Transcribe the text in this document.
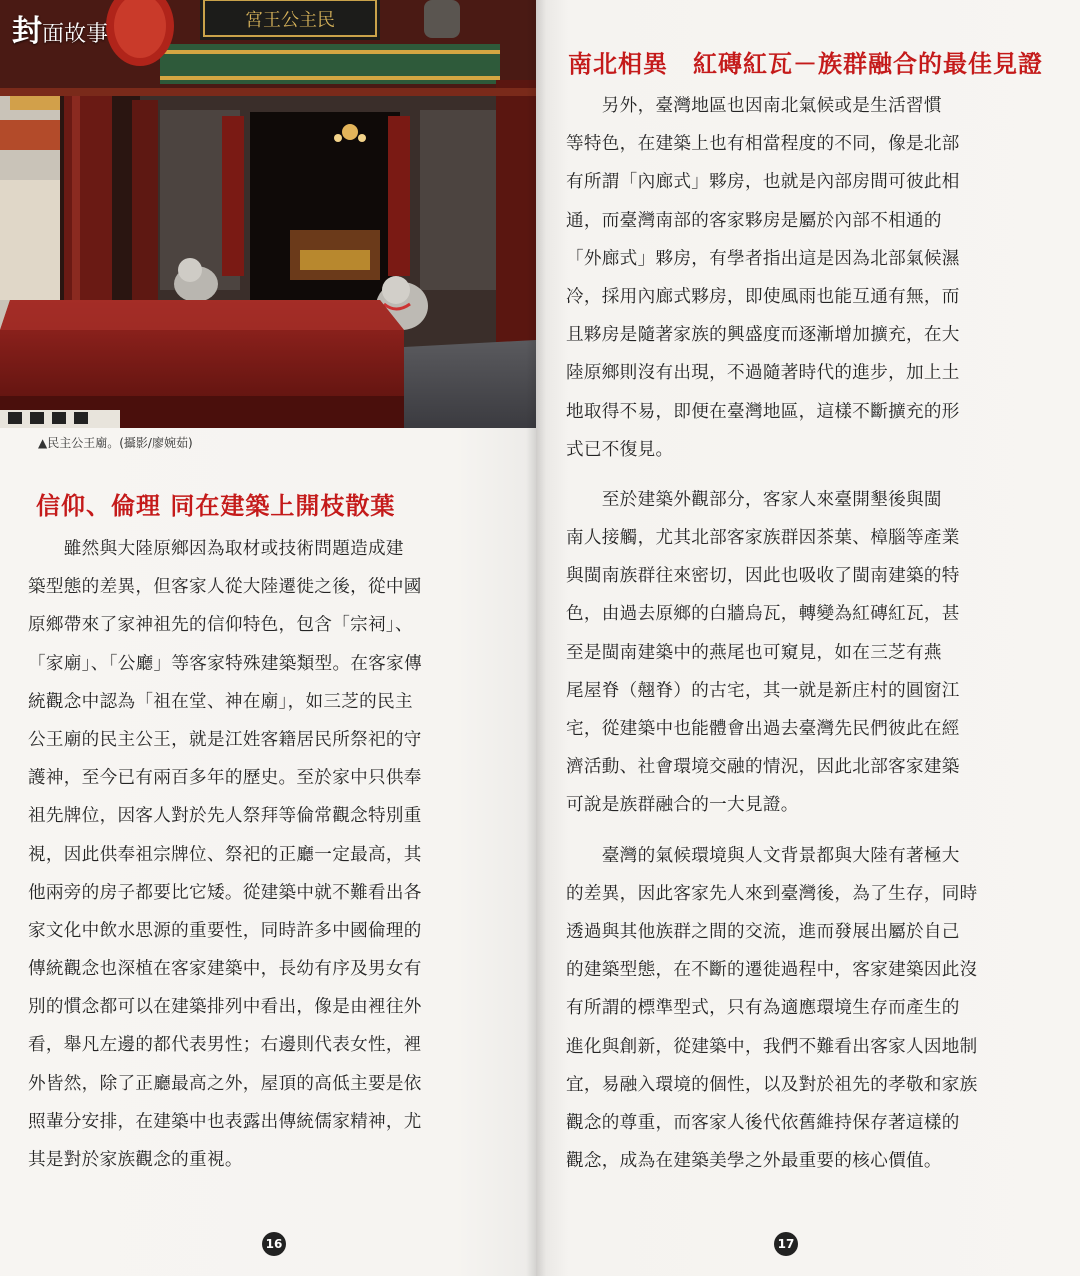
宮王公主民
封面故事
▲民主公王廟。(攝影/廖婉茹)
信仰、倫理 同在建築上開枝散葉

　　雖然與大陸原鄉因為取材或技術問題造成建
築型態的差異，但客家人從大陸遷徙之後，從中國
原鄉帶來了家神祖先的信仰特色，包含「宗祠」、
「家廟」、「公廳」等客家特殊建築類型。在客家傳
統觀念中認為「祖在堂、神在廟」，如三芝的民主
公王廟的民主公王，就是江姓客籍居民所祭祀的守
護神，至今已有兩百多年的歷史。至於家中只供奉
祖先牌位，因客人對於先人祭拜等倫常觀念特別重
視，因此供奉祖宗牌位、祭祀的正廳一定最高，其
他兩旁的房子都要比它矮。從建築中就不難看出各
家文化中飲水思源的重要性，同時許多中國倫理的
傳統觀念也深植在客家建築中，長幼有序及男女有
別的慣念都可以在建築排列中看出，像是由裡往外
看，舉凡左邊的都代表男性；右邊則代表女性，裡
外皆然，除了正廳最高之外，屋頂的高低主要是依
照輩分安排，在建築中也表露出傳統儒家精神，尤
其是對於家族觀念的重視。

16
南北相異　紅磚紅瓦－族群融合的最佳見證

　　另外，臺灣地區也因南北氣候或是生活習慣
等特色，在建築上也有相當程度的不同，像是北部
有所謂「內廊式」夥房，也就是內部房間可彼此相
通，而臺灣南部的客家夥房是屬於內部不相通的
「外廊式」夥房，有學者指出這是因為北部氣候濕
冷，採用內廊式夥房，即使風雨也能互通有無，而
且夥房是隨著家族的興盛度而逐漸增加擴充，在大
陸原鄉則沒有出現，不過隨著時代的進步，加上土
地取得不易，即便在臺灣地區，這樣不斷擴充的形
式已不復見。

　　至於建築外觀部分，客家人來臺開墾後與閩
南人接觸，尤其北部客家族群因茶葉、樟腦等產業
與閩南族群往來密切，因此也吸收了閩南建築的特
色，由過去原鄉的白牆烏瓦，轉變為紅磚紅瓦，甚
至是閩南建築中的燕尾也可窺見，如在三芝有燕
尾屋脊（翹脊）的古宅，其一就是新庄村的圓窗江
宅，從建築中也能體會出過去臺灣先民們彼此在經
濟活動、社會環境交融的情況，因此北部客家建築
可說是族群融合的一大見證。

　　臺灣的氣候環境與人文背景都與大陸有著極大
的差異，因此客家先人來到臺灣後，為了生存，同時
透過與其他族群之間的交流，進而發展出屬於自己
的建築型態，在不斷的遷徙過程中，客家建築因此沒
有所謂的標準型式，只有為適應環境生存而產生的
進化與創新，從建築中，我們不難看出客家人因地制
宜，易融入環境的個性，以及對於祖先的孝敬和家族
觀念的尊重，而客家人後代依舊維持保存著這樣的
觀念，成為在建築美學之外最重要的核心價值。

17
